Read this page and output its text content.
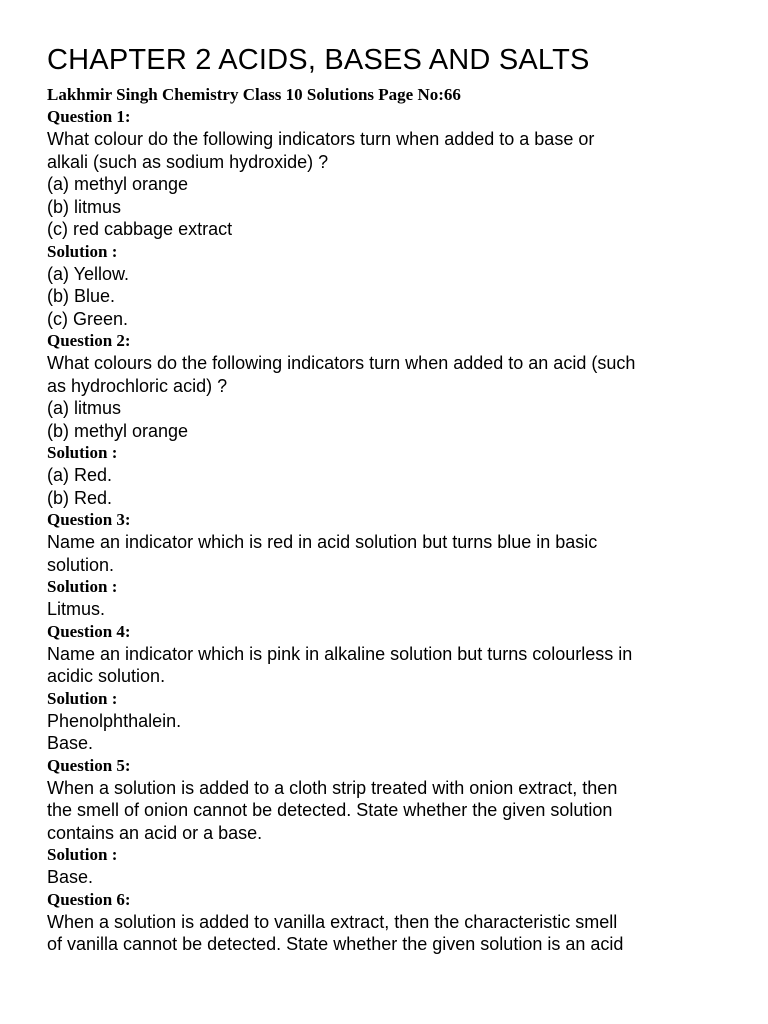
CHAPTER 2 ACIDS, BASES AND SALTS

Lakhmir Singh Chemistry Class 10 Solutions Page No:66

Question 1:

What colour do the following indicators turn when added to a base or

alkali (such as sodium hydroxide) ?

(a) methyl orange

(b) litmus

(c) red cabbage extract

Solution :

(a) Yellow.

(b) Blue.

(c) Green.

Question 2:

What colours do the following indicators turn when added to an acid (such

as hydrochloric acid) ?

(a) litmus

(b) methyl orange

Solution :

(a) Red.

(b) Red.

Question 3:

Name an indicator which is red in acid solution but turns blue in basic

solution.

Solution :

Litmus.

Question 4:

Name an indicator which is pink in alkaline solution but turns colourless in

acidic solution.

Solution :

Phenolphthalein.

Base.

Question 5:

When a solution is added to a cloth strip treated with onion extract, then

the smell of onion cannot be detected. State whether the given solution

contains an acid or a base.

Solution :

Base.

Question 6:

When a solution is added to vanilla extract, then the characteristic smell

of vanilla cannot be detected. State whether the given solution is an acid
